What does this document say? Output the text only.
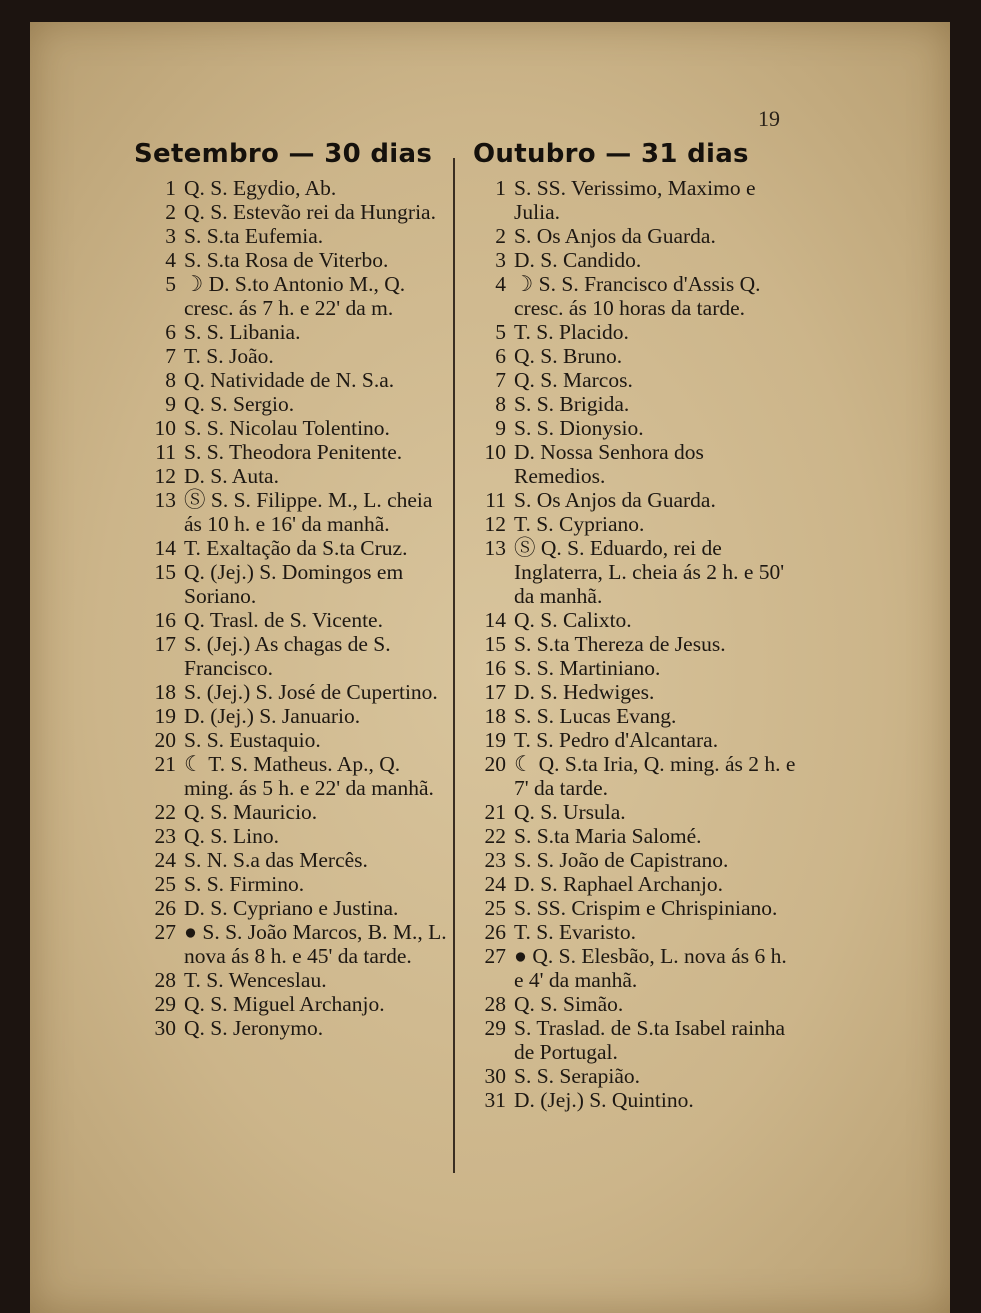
19
Setembro — 30 dias
1 Q. S. Egydio, Ab.
2 Q. S. Estevão rei da Hungria.
3 S. S.ta Eufemia.
4 S. S.ta Rosa de Viterbo.
5 ☽ D. S.to Antonio M., Q. cresc. ás 7 h. e 22' da m.
6 S. S. Libania.
7 T. S. João.
8 Q. Natividade de N. S.a.
9 Q. S. Sergio.
10 S. S. Nicolau Tolentino.
11 S. S. Theodora Penitente.
12 D. S. Auta.
13 Ⓢ S. S. Filippe. M., L. cheia ás 10 h. e 16' da manhã.
14 T. Exaltação da S.ta Cruz.
15 Q. (Jej.) S. Domingos em Soriano.
16 Q. Trasl. de S. Vicente.
17 S. (Jej.) As chagas de S. Francisco.
18 S. (Jej.) S. José de Cupertino.
19 D. (Jej.) S. Januario.
20 S. S. Eustaquio.
21 ☾ T. S. Matheus. Ap., Q. ming. ás 5 h. e 22' da manhã.
22 Q. S. Mauricio.
23 Q. S. Lino.
24 S. N. S.a das Mercês.
25 S. S. Firmino.
26 D. S. Cypriano e Justina.
27 ● S. S. João Marcos, B. M., L. nova ás 8 h. e 45' da tarde.
28 T. S. Wenceslau.
29 Q. S. Miguel Archanjo.
30 Q. S. Jeronymo.
Outubro — 31 dias
1 S. SS. Verissimo, Maximo e Julia.
2 S. Os Anjos da Guarda.
3 D. S. Candido.
4 ☽ S. S. Francisco d'Assis Q. cresc. ás 10 horas da tarde.
5 T. S. Placido.
6 Q. S. Bruno.
7 Q. S. Marcos.
8 S. S. Brigida.
9 S. S. Dionysio.
10 D. Nossa Senhora dos Remedios.
11 S. Os Anjos da Guarda.
12 T. S. Cypriano.
13 Ⓢ Q. S. Eduardo, rei de Inglaterra, L. cheia ás 2 h. e 50' da manhã.
14 Q. S. Calixto.
15 S. S.ta Thereza de Jesus.
16 S. S. Martiniano.
17 D. S. Hedwiges.
18 S. S. Lucas Evang.
19 T. S. Pedro d'Alcantara.
20 ☾ Q. S.ta Iria, Q. ming. ás 2 h. e 7' da tarde.
21 Q. S. Ursula.
22 S. S.ta Maria Salomé.
23 S. S. João de Capistrano.
24 D. S. Raphael Archanjo.
25 S. SS. Crispim e Chrispiniano.
26 T. S. Evaristo.
27 ● Q. S. Elesbão, L. nova ás 6 h. e 4' da manhã.
28 Q. S. Simão.
29 S. Traslad. de S.ta Isabel rainha de Portugal.
30 S. S. Serapião.
31 D. (Jej.) S. Quintino.
